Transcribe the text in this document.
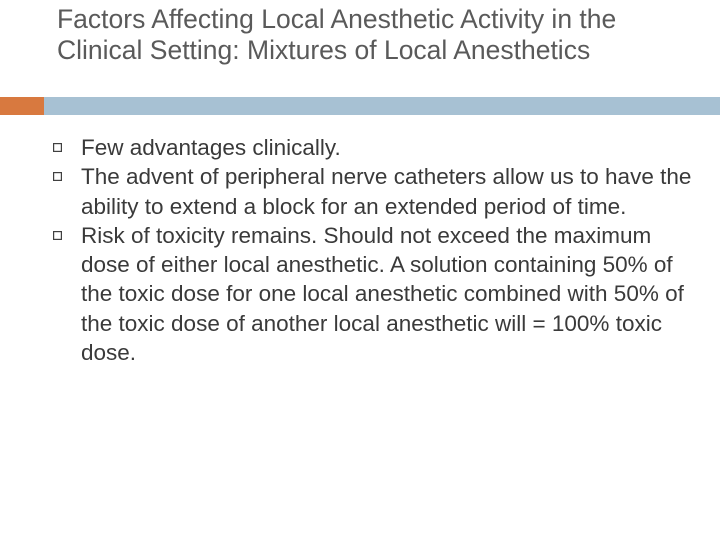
Factors Affecting Local Anesthetic Activity in the Clinical Setting: Mixtures of Local Anesthetics
Few advantages clinically.
The advent of peripheral nerve catheters allow us to have the ability to extend a block for an extended period of time.
Risk of toxicity remains. Should not exceed the maximum dose of either local anesthetic. A solution containing 50% of the toxic dose for one local anesthetic combined with 50% of the toxic dose of another local anesthetic will = 100% toxic dose.
